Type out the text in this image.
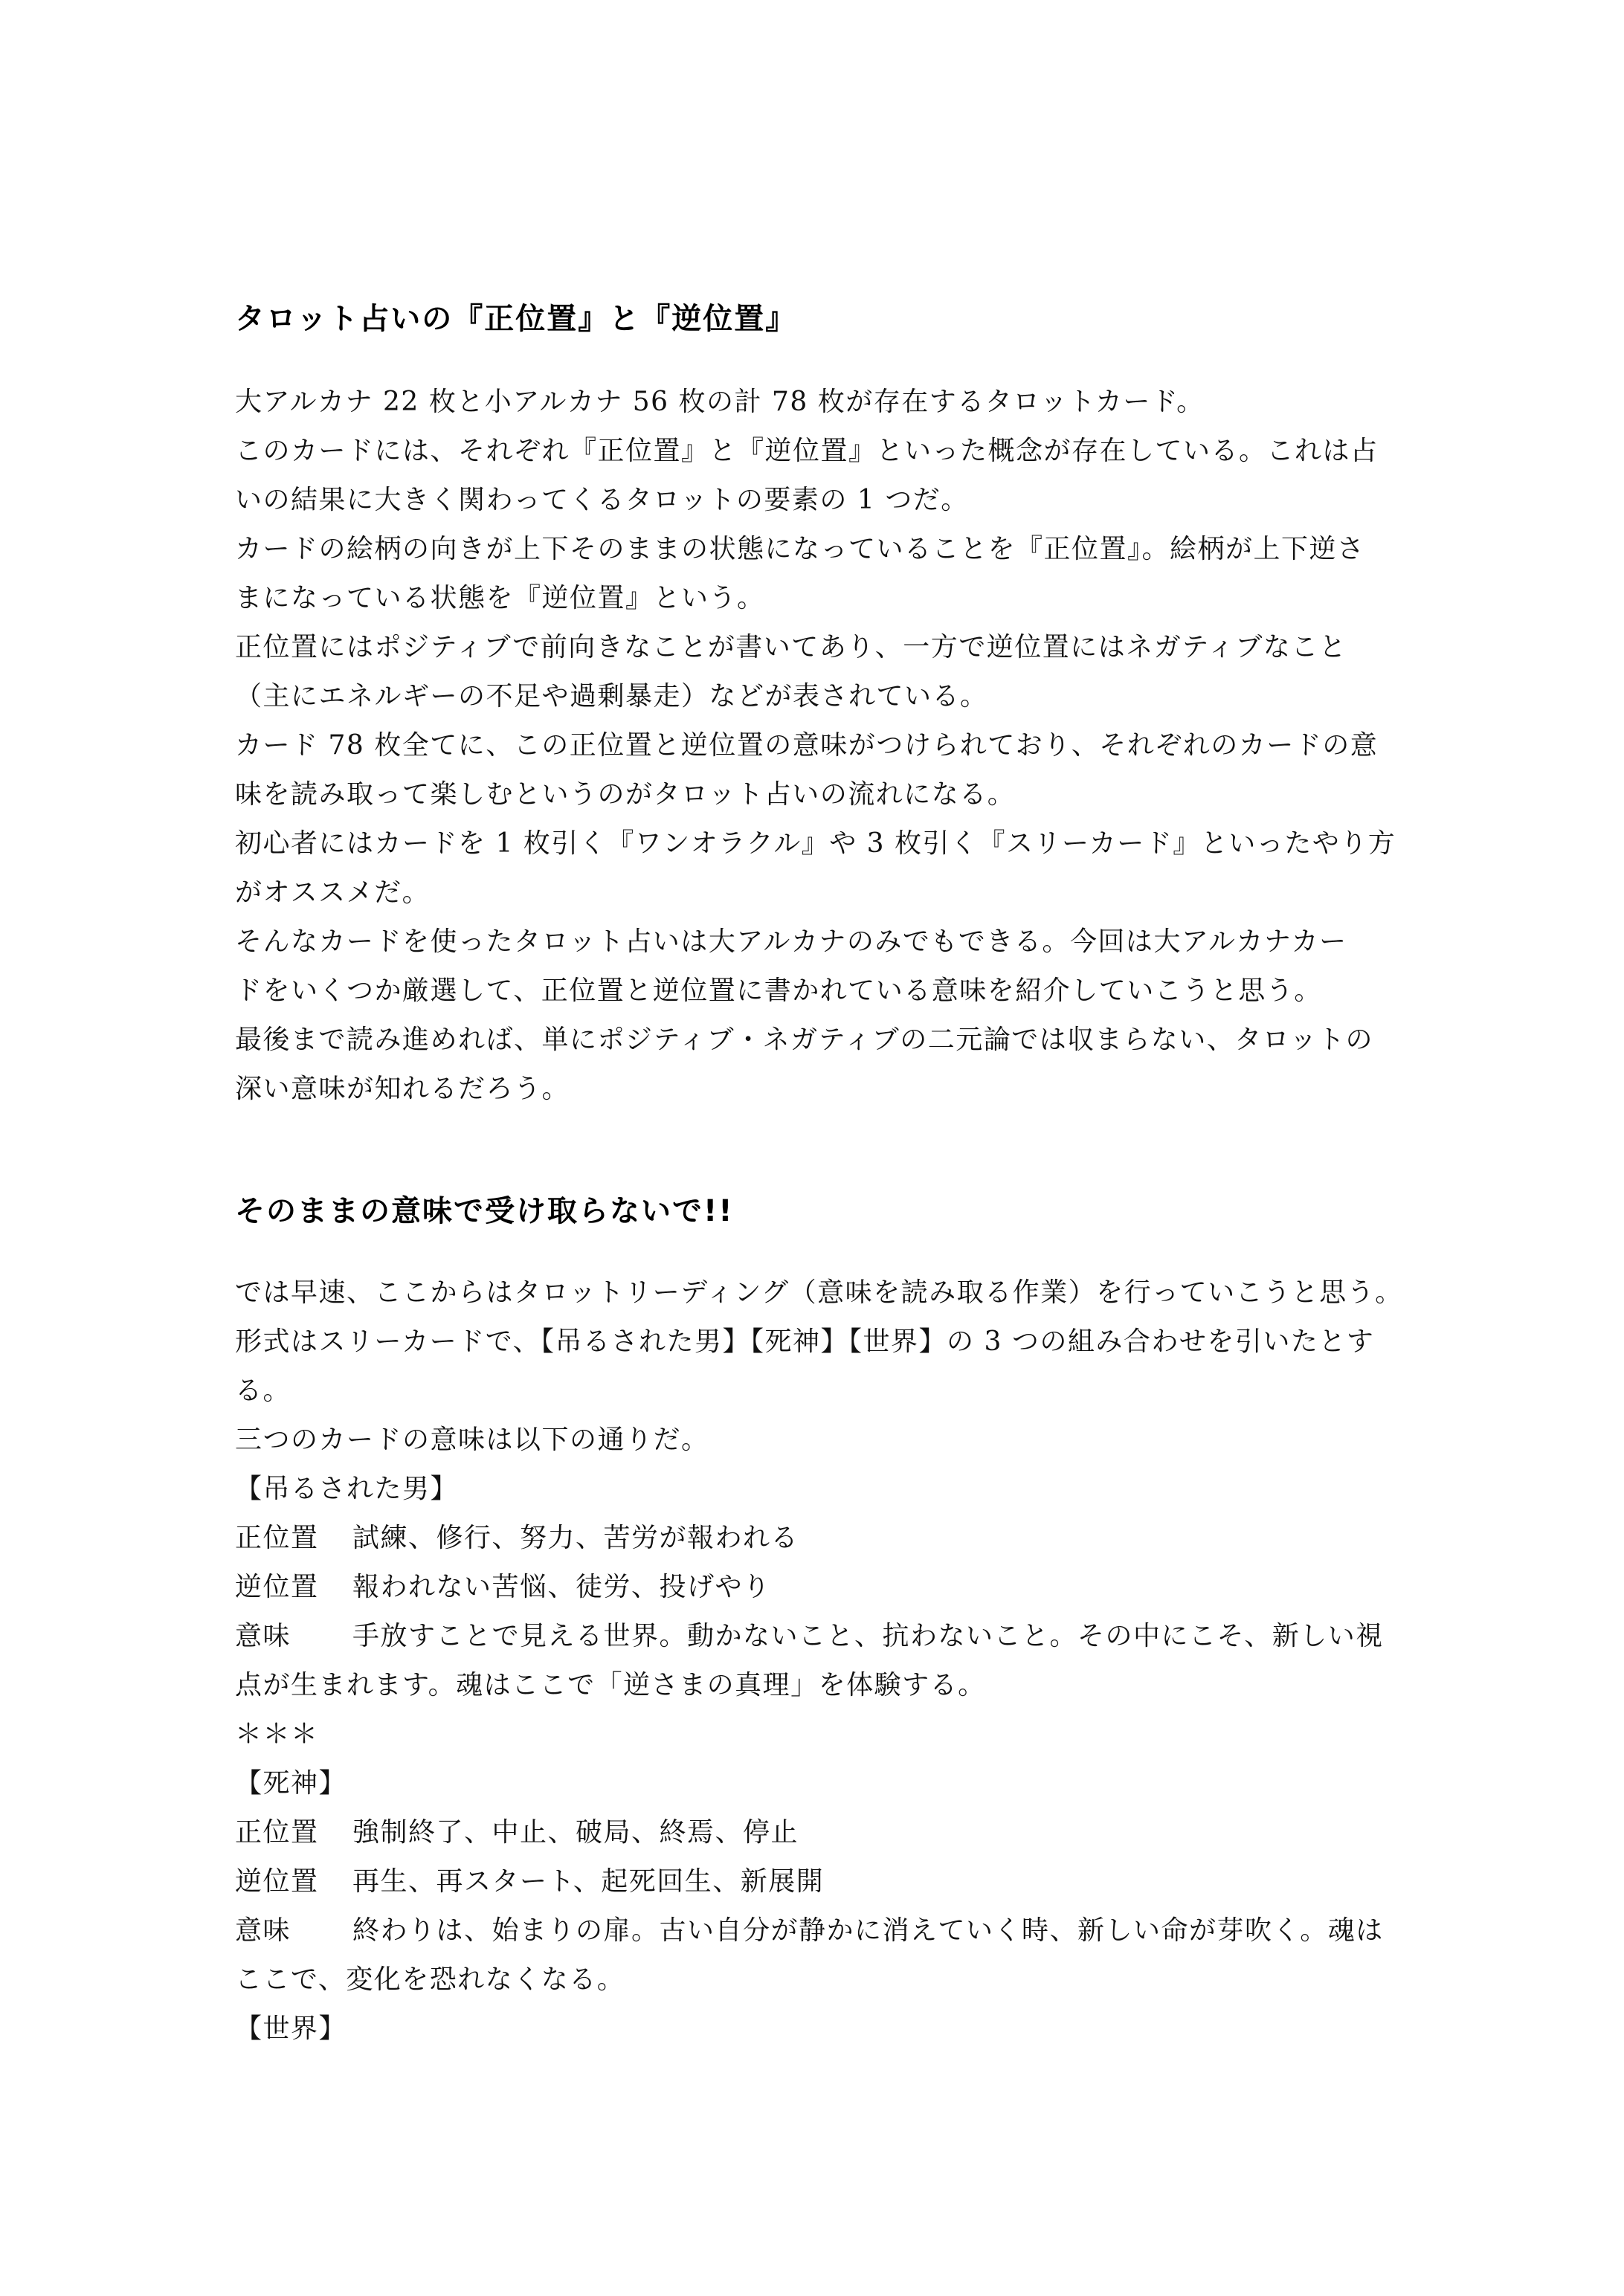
タロット占いの『正位置』と『逆位置』

大アルカナ 22 枚と小アルカナ 56 枚の計 78 枚が存在するタロットカード。

このカードには、それぞれ『正位置』と『逆位置』といった概念が存在している。これは占

いの結果に大きく関わってくるタロットの要素の 1 つだ。

カードの絵柄の向きが上下そのままの状態になっていることを『正位置』。絵柄が上下逆さ

まになっている状態を『逆位置』という。

正位置にはポジティブで前向きなことが書いてあり、一方で逆位置にはネガティブなこと

（主にエネルギーの不足や過剰暴走）などが表されている。

カード 78 枚全てに、この正位置と逆位置の意味がつけられており、それぞれのカードの意

味を読み取って楽しむというのがタロット占いの流れになる。

初心者にはカードを 1 枚引く『ワンオラクル』や 3 枚引く『スリーカード』といったやり方

がオススメだ。

そんなカードを使ったタロット占いは大アルカナのみでもできる。今回は大アルカナカー

ドをいくつか厳選して、正位置と逆位置に書かれている意味を紹介していこうと思う。

最後まで読み進めれば、単にポジティブ・ネガティブの二元論では収まらない、タロットの

深い意味が知れるだろう。

そのままの意味で受け取らないで!!

では早速、ここからはタロットリーディング（意味を読み取る作業）を行っていこうと思う。

形式はスリーカードで、【吊るされた男】【死神】【世界】の 3 つの組み合わせを引いたとす

る。

三つのカードの意味は以下の通りだ。

【吊るされた男】
正位置	試練、修行、努力、苦労が報われる
逆位置	報われない苦悩、徒労、投げやり
意味	手放すことで見える世界。動かないこと、抗わないこと。その中にこそ、新しい視

点が生まれます。魂はここで「逆さまの真理」を体験する。

＊＊＊

【死神】
正位置	強制終了、中止、破局、終焉、停止
逆位置	再生、再スタート、起死回生、新展開
意味	終わりは、始まりの扉。古い自分が静かに消えていく時、新しい命が芽吹く。魂は

ここで、変化を恐れなくなる。

【世界】
